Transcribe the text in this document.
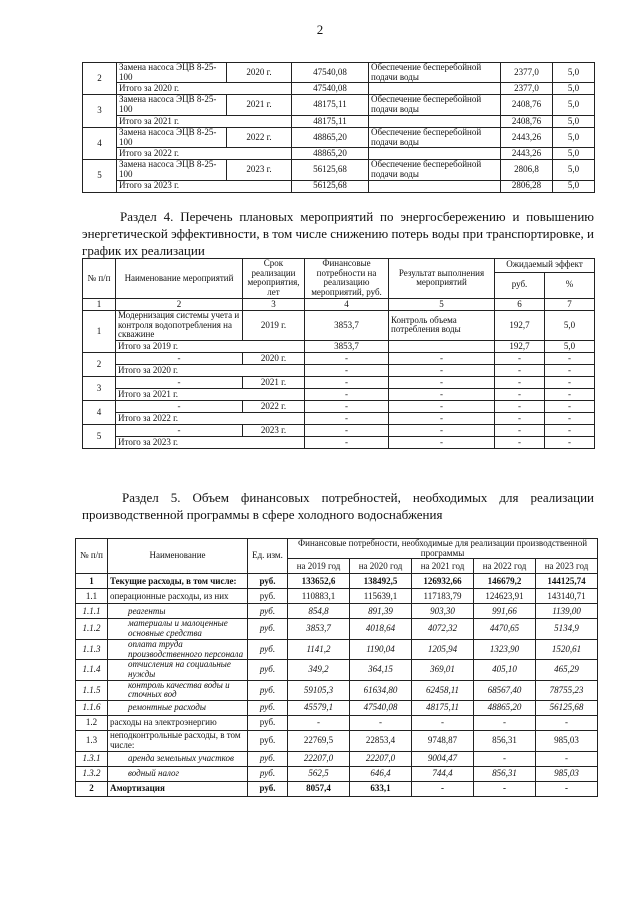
2
2	Замена насоса ЭЦВ 8-25-100	2020 г.	47540,08	Обеспечение бесперебойной подачи воды	2377,0	5,0
	Итого за 2020 г.		47540,08		2377,0	5,0
3	Замена насоса ЭЦВ 8-25-100	2021 г.	48175,11	Обеспечение бесперебойной подачи воды	2408,76	5,0
	Итого за 2021 г.		48175,11		2408,76	5,0
4	Замена насоса ЭЦВ 8-25-100	2022 г.	48865,20	Обеспечение бесперебойной подачи воды	2443,26	5,0
	Итого за 2022 г.		48865,20		2443,26	5,0
5	Замена насоса ЭЦВ 8-25-100	2023 г.	56125,68	Обеспечение бесперебойной подачи воды	2806,8	5,0
	Итого за 2023 г.		56125,68		2806,28	5,0
Раздел 4. Перечень плановых мероприятий по энергосбережению и повышению энергетической эффективности, в том числе снижению потерь воды при транспортировке, и график их реализации
№ п/п	Наименование мероприятий	Срок реализации мероприятия, лет	Финансовые потребности на реализацию мероприятий, руб.	Результат выполнения мероприятий	Ожидаемый эффект	
					руб.	%
1	2	3	4	5	6	7
1	Модернизация системы учета и контроля водопотребления на скважине	2019 г.	3853,7	Контроль объема потребления воды	192,7	5,0
	Итого за 2019 г.		3853,7		192,7	5,0
2	-	2020 г.	-	-	-	-
	Итого за 2020 г.		-	-	-	-
3	-	2021 г.	-	-	-	-
	Итого за 2021 г.		-	-	-	-
4	-	2022 г.	-	-	-	-
	Итого за 2022 г.		-	-	-	-
5	-	2023 г.	-	-	-	-
	Итого за 2023 г.		-	-	-	-
Раздел 5. Объем финансовых потребностей, необходимых для реализации производственной программы в сфере холодного водоснабжения
№ п/п	Наименование	Ед. изм.	Финансовые потребности, необходимые для реализации производственной программы				
			на 2019 год	на 2020 год	на 2021 год	на 2022 год	на 2023 год
1	Текущие расходы, в том числе:	руб.	133652,6	138492,5	126932,66	146679,2	144125,74
1.1	операционные расходы, из них	руб.	110883,1	115639,1	117183,79	124623,91	143140,71
1.1.1	реагенты	руб.	854,8	891,39	903,30	991,66	1139,00
1.1.2	материалы и малоценные основные средства	руб.	3853,7	4018,64	4072,32	4470,65	5134,9
1.1.3	оплата труда производственного персонала	руб.	1141,2	1190,04	1205,94	1323,90	1520,61
1.1.4	отчисления на социальные нужды	руб.	349,2	364,15	369,01	405,10	465,29
1.1.5	контроль качества воды и сточных вод	руб.	59105,3	61634,80	62458,11	68567,40	78755,23
1.1.6	ремонтные расходы	руб.	45579,1	47540,08	48175,11	48865,20	56125,68
1.2	расходы на электроэнергию	руб.	-	-	-	-	-
1.3	неподконтрольные расходы, в том числе:	руб.	22769,5	22853,4	9748,87	856,31	985,03
1.3.1	аренда земельных участков	руб.	22207,0	22207,0	9004,47	-	-
1.3.2	водный налог	руб.	562,5	646,4	744,4	856,31	985,03
2	Амортизация	руб.	8057,4	633,1	-	-	-
